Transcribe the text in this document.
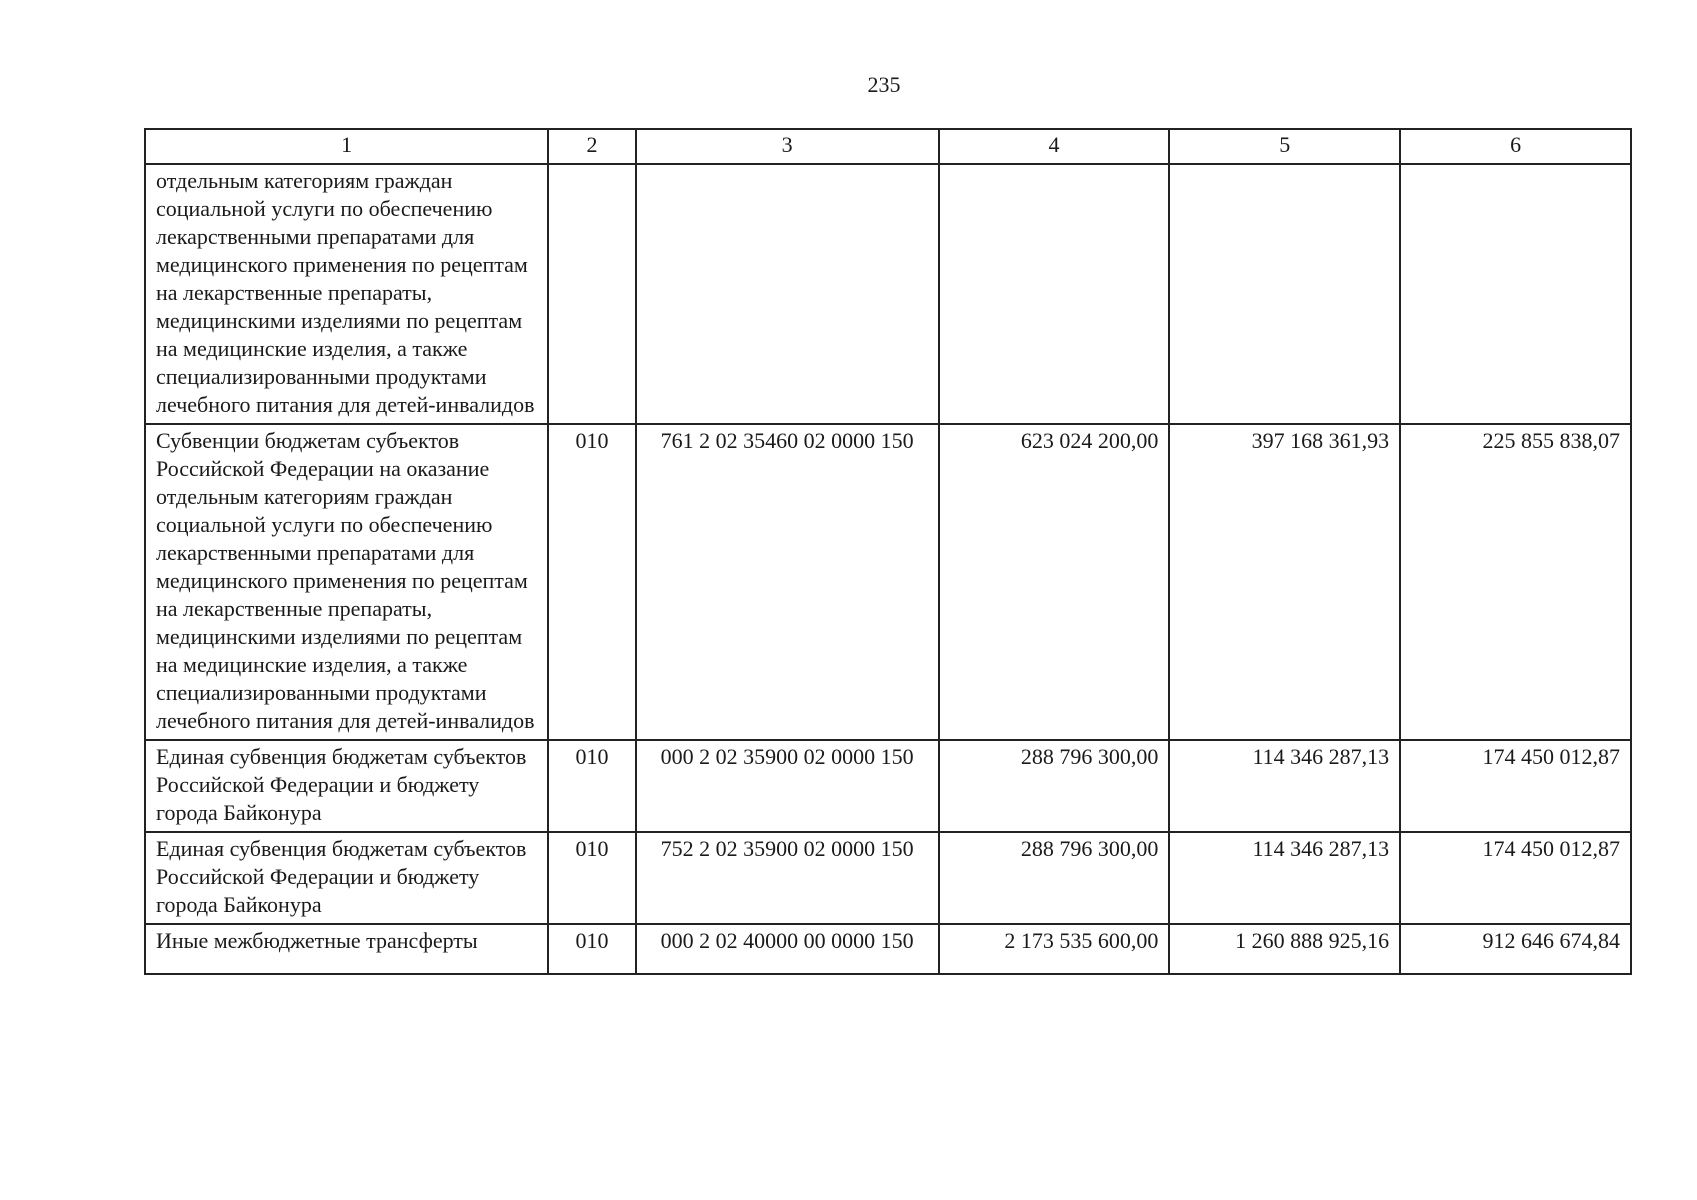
235
1	2	3	4	5	6
отдельным категориям граждан социальной услуги по обеспечению лекарственными препаратами для медицинского применения по рецептам на лекарственные препараты, медицинскими изделиями по рецептам на медицинские изделия, а также специализированными продуктами лечебного питания для детей-инвалидов					
Субвенции бюджетам субъектов Российской Федерации на оказание отдельным категориям граждан социальной услуги по обеспечению лекарственными препаратами для медицинского применения по рецептам на лекарственные препараты, медицинскими изделиями по рецептам на медицинские изделия, а также специализированными продуктами лечебного питания для детей-инвалидов	010	761 2 02 35460 02 0000 150	623 024 200,00	397 168 361,93	225 855 838,07
Единая субвенция бюджетам субъектов Российской Федерации и бюджету города Байконура	010	000 2 02 35900 02 0000 150	288 796 300,00	114 346 287,13	174 450 012,87
Единая субвенция бюджетам субъектов Российской Федерации и бюджету города Байконура	010	752 2 02 35900 02 0000 150	288 796 300,00	114 346 287,13	174 450 012,87
Иные межбюджетные трансферты	010	000 2 02 40000 00 0000 150	2 173 535 600,00	1 260 888 925,16	912 646 674,84
